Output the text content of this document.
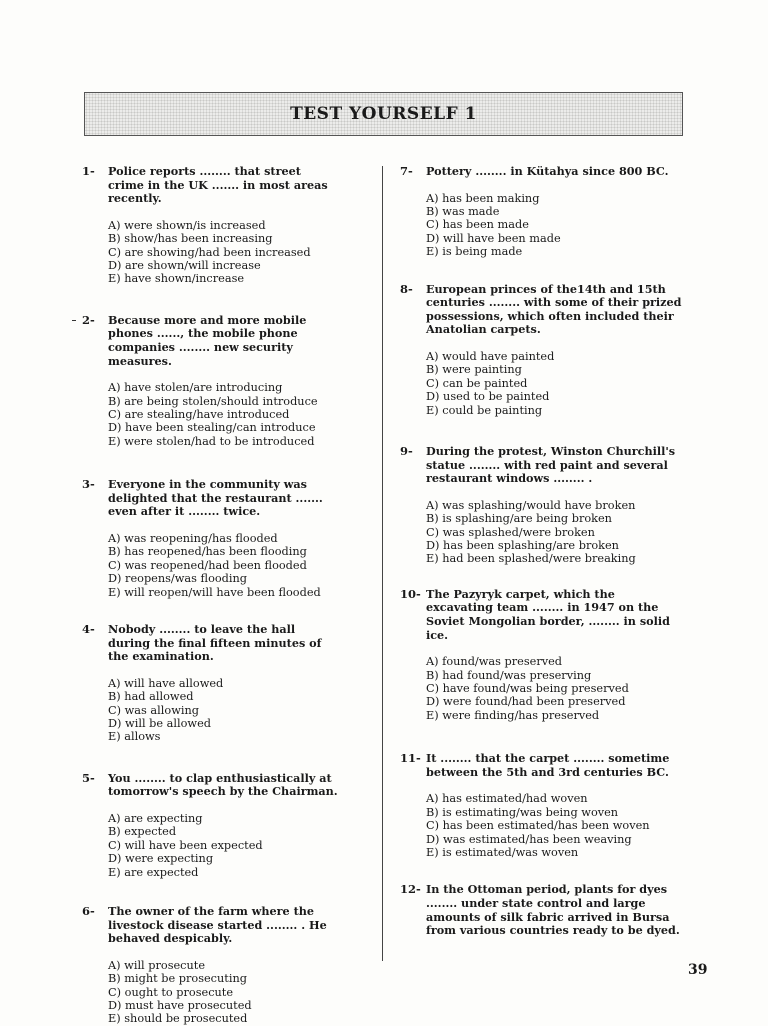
TEST YOURSELF 1
1- Police reports ........ that street crime in the UK ....... in most areas recently.
A) were shown/is increased
B) show/has been increasing
C) are showing/had been increased
D) are shown/will increase
E) have shown/increase
2- Because more and more mobile phones ......, the mobile phone companies ........ new security measures.
A) have stolen/are introducing
B) are being stolen/should introduce
C) are stealing/have introduced
D) have been stealing/can introduce
E) were stolen/had to be introduced
3- Everyone in the community was delighted that the restaurant ....... even after it ........ twice.
A) was reopening/has flooded
B) has reopened/has been flooding
C) was reopened/had been flooded
D) reopens/was flooding
E) will reopen/will have been flooded
4- Nobody ........ to leave the hall during the final fifteen minutes of the examination.
A) will have allowed
B) had allowed
C) was allowing
D) will be allowed
E) allows
5- You ........ to clap enthusiastically at tomorrow's speech by the Chairman.
A) are expecting
B) expected
C) will have been expected
D) were expecting
E) are expected
6- The owner of the farm where the livestock disease started ........ . He behaved despicably.
A) will prosecute
B) might be prosecuting
C) ought to prosecute
D) must have prosecuted
E) should be prosecuted
7- Pottery ........ in Kütahya since 800 BC.
A) has been making
B) was made
C) has been made
D) will have been made
E) is being made
8- European princes of the14th and 15th centuries ........ with some of their prized possessions, which often included their Anatolian carpets.
A) would have painted
B) were painting
C) can be painted
D) used to be painted
E) could be painting
9- During the protest, Winston Churchill's statue ........ with red paint and several restaurant windows ........ .
A) was splashing/would have broken
B) is splashing/are being broken
C) was splashed/were broken
D) has been splashing/are broken
E) had been splashed/were breaking
10- The Pazyryk carpet, which the excavating team ........ in 1947 on the Soviet Mongolian border, ........ in solid ice.
A) found/was preserved
B) had found/was preserving
C) have found/was being preserved
D) were found/had been preserved
E) were finding/has preserved
11- It ........ that the carpet ........ sometime between the 5th and 3rd centuries BC.
A) has estimated/had woven
B) is estimating/was being woven
C) has been estimated/has been woven
D) was estimated/has been weaving
E) is estimated/was woven
12- In the Ottoman period, plants for dyes ........ under state control and large amounts of silk fabric arrived in Bursa from various countries ready to be dyed.
39
